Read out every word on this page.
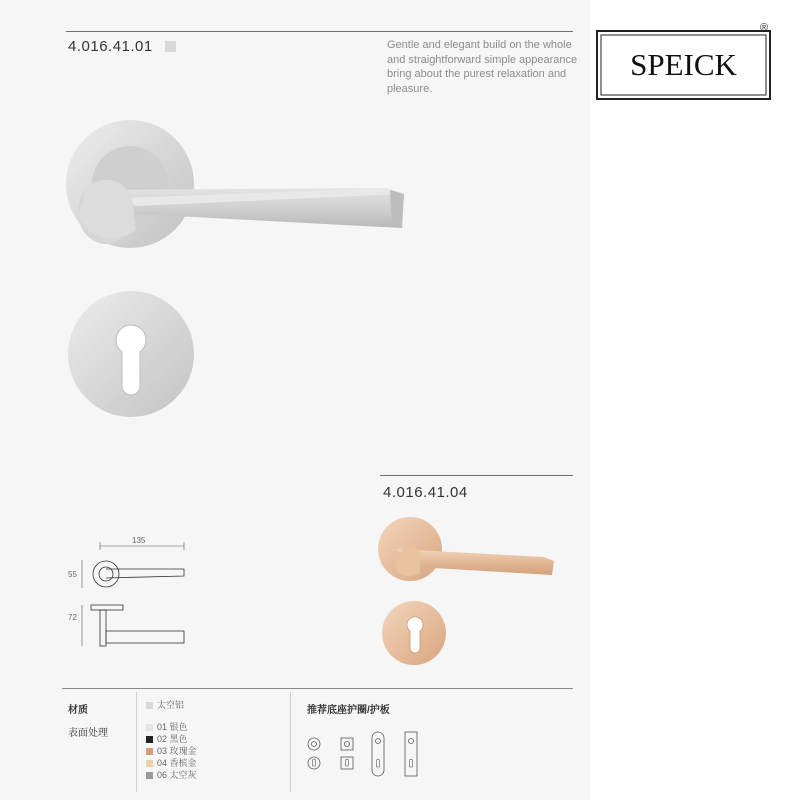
4.016.41.01	Gentle and elegant build on the whole
and straightforward simple appearance
bring about the purest relaxation and
pleasure.
SPEICK
®
4.016.41.04
135
55
72
材质
表面处理
太空铝
01 银色
02 黑色
03 玫瑰金
04 香槟金
06 太空灰
推荐底座护圈/护板
